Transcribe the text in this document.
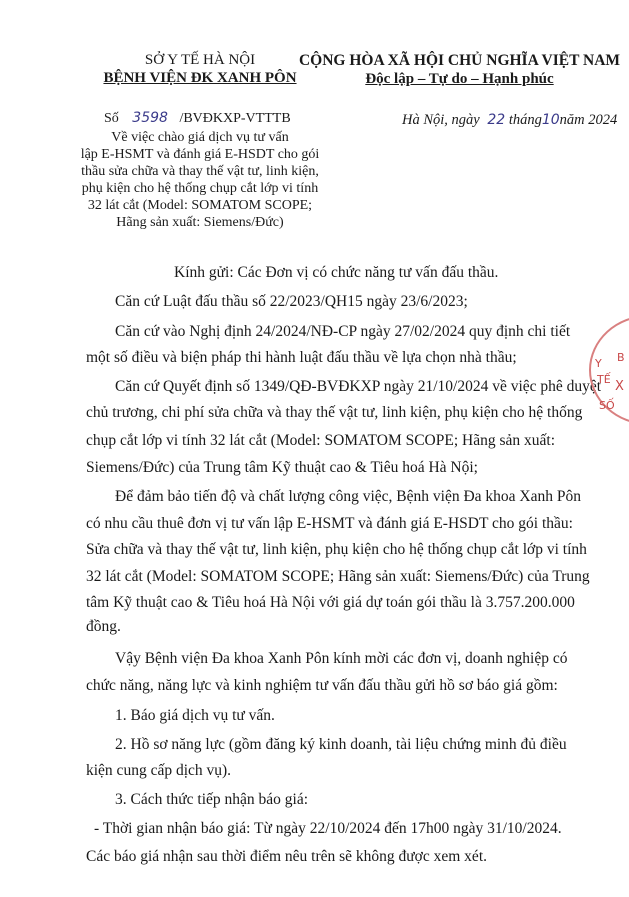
SỞ Y TẾ HÀ NỘI
BỆNH VIỆN ĐK XANH PÔN
Số 3598 /BVĐKXP-VTTTB
Về việc chào giá dịch vụ tư vấn
lập E-HSMT và đánh giá E-HSDT cho gói
thầu sửa chữa và thay thế vật tư, linh kiện,
phụ kiện cho hệ thống chụp cắt lớp vi tính
32 lát cắt (Model: SOMATOM SCOPE;
Hãng sản xuất: Siemens/Đức)
CỘNG HÒA XÃ HỘI CHỦ NGHĨA VIỆT NAM
Độc lập – Tự do – Hạnh phúc
Hà Nội, ngày 22 tháng10năm 2024
Kính gửi: Các Đơn vị có chức năng tư vấn đấu thầu.
Căn cứ Luật đấu thầu số 22/2023/QH15 ngày 23/6/2023;
Căn cứ vào Nghị định 24/2024/NĐ-CP ngày 27/02/2024 quy định chi tiết
một số điều và biện pháp thi hành luật đấu thầu về lựa chọn nhà thầu;
Căn cứ Quyết định số 1349/QĐ-BVĐKXP ngày 21/10/2024 về việc phê duyệt
chủ trương, chi phí sửa chữa và thay thế vật tư, linh kiện, phụ kiện cho hệ thống
chụp cắt lớp vi tính 32 lát cắt (Model: SOMATOM SCOPE; Hãng sản xuất:
Siemens/Đức) của Trung tâm Kỹ thuật cao & Tiêu hoá Hà Nội;
Để đảm bảo tiến độ và chất lượng công việc, Bệnh viện Đa khoa Xanh Pôn
có nhu cầu thuê đơn vị tư vấn lập E-HSMT và đánh giá E-HSDT cho gói thầu:
Sửa chữa và thay thế vật tư, linh kiện, phụ kiện cho hệ thống chụp cắt lớp vi tính
32 lát cắt (Model: SOMATOM SCOPE; Hãng sản xuất: Siemens/Đức) của Trung
tâm Kỹ thuật cao & Tiêu hoá Hà Nội với giá dự toán gói thầu là 3.757.200.000
đồng.
Vậy Bệnh viện Đa khoa Xanh Pôn kính mời các đơn vị, doanh nghiệp có
chức năng, năng lực và kinh nghiệm tư vấn đấu thầu gửi hồ sơ báo giá gồm:
1. Báo giá dịch vụ tư vấn.
2. Hồ sơ năng lực (gồm đăng ký kinh doanh, tài liệu chứng minh đủ điều
kiện cung cấp dịch vụ).
3. Cách thức tiếp nhận báo giá:
- Thời gian nhận báo giá: Từ ngày 22/10/2024 đến 17h00 ngày 31/10/2024.
Các báo giá nhận sau thời điểm nêu trên sẽ không được xem xét.
Y
TẾ X
SỐ
B
